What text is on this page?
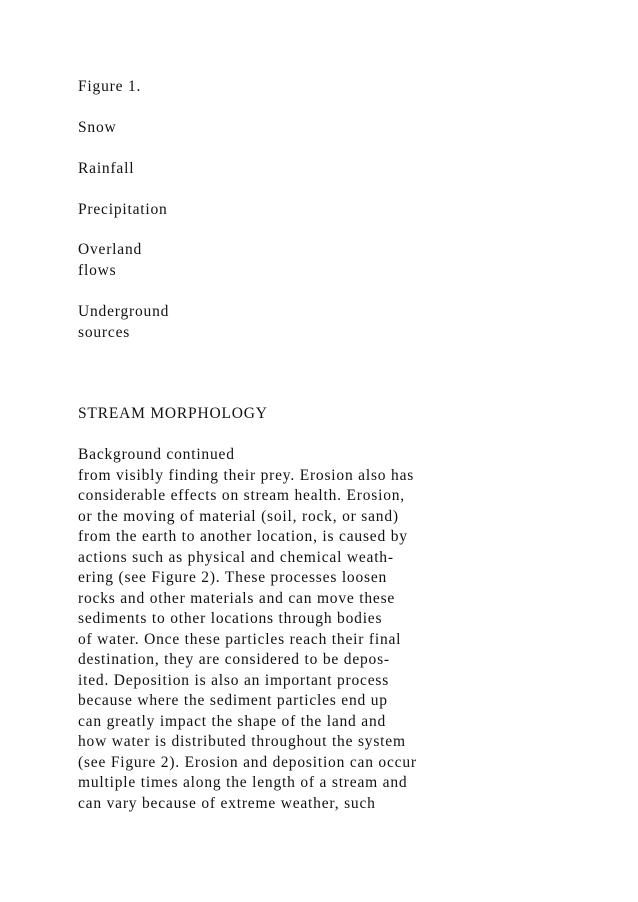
Figure 1.

Snow

Rainfall

Precipitation

Overland
flows

Underground
sources

STREAM MORPHOLOGY

Background continued
from visibly finding their prey. Erosion also has
considerable effects on stream health. Erosion,
or the moving of material (soil, rock, or sand)
from the earth to another location, is caused by
actions such as physical and chemical weath-
ering (see Figure 2). These processes loosen
rocks and other materials and can move these
sediments to other locations through bodies
of water. Once these particles reach their final
destination, they are considered to be depos-
ited. Deposition is also an important process
because where the sediment particles end up
can greatly impact the shape of the land and
how water is distributed throughout the system
(see Figure 2). Erosion and deposition can occur
multiple times along the length of a stream and
can vary because of extreme weather, such
